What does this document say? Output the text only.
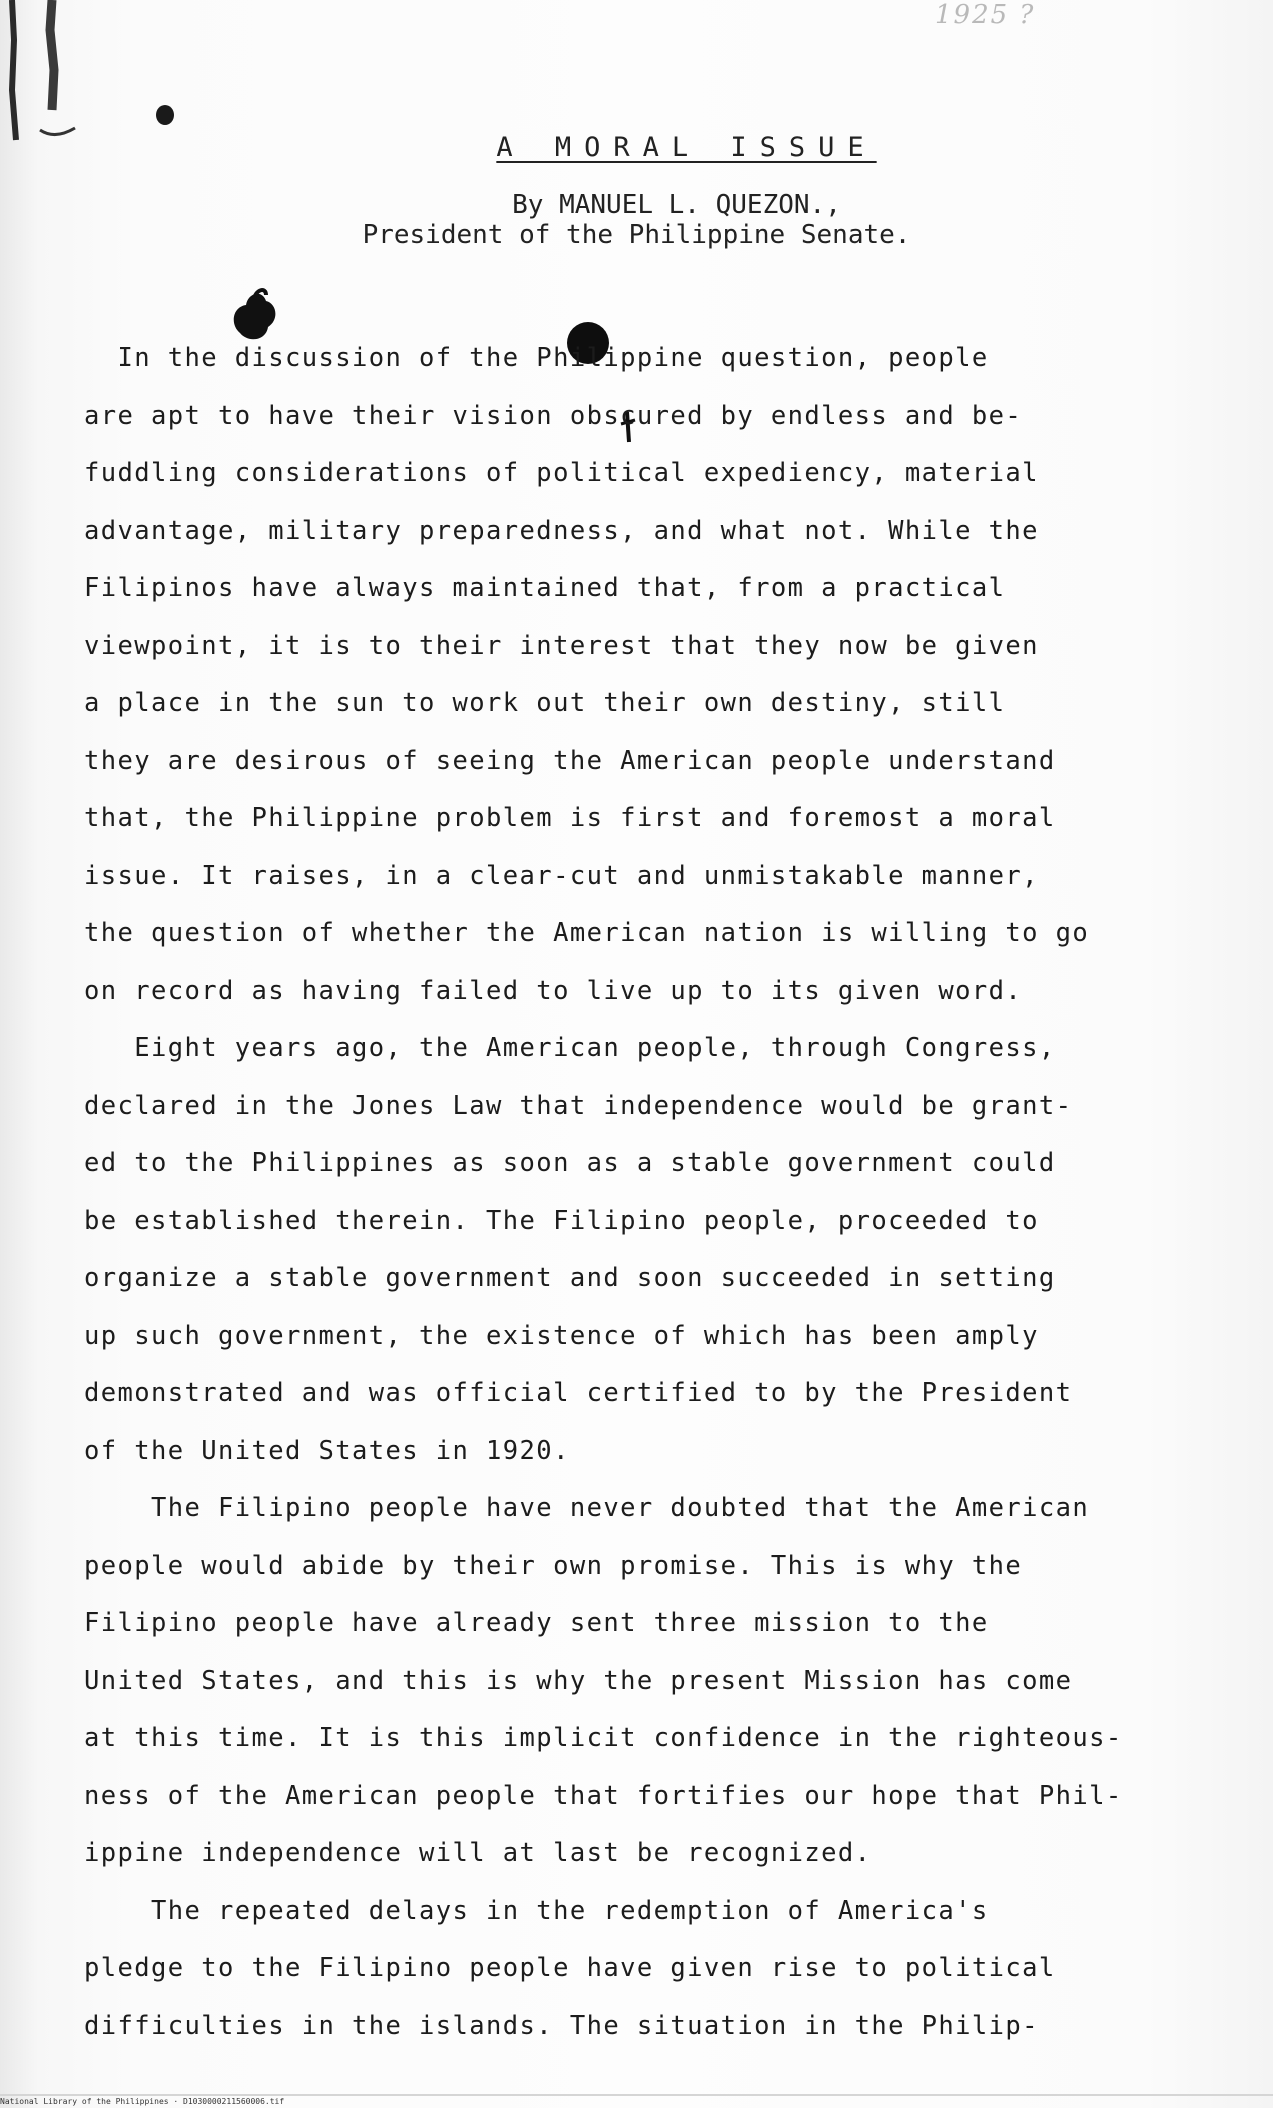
1925 ?
A MORAL ISSUE
By MANUEL L. QUEZON.,
President of the Philippine Senate.
In the discussion of the Philippine question, people
are apt to have their vision obscured by endless and be-
fuddling considerations of political expediency, material
advantage, military preparedness, and what not. While the
Filipinos have always maintained that, from a practical
viewpoint, it is to their interest that they now be given
a place in the sun to work out their own destiny, still
they are desirous of seeing the American people understand
that, the Philippine problem is first and foremost a moral
issue. It raises, in a clear-cut and unmistakable manner,
the question of whether the American nation is willing to go
on record as having failed to live up to its given word.
Eight years ago, the American people, through Congress,
declared in the Jones Law that independence would be grant-
ed to the Philippines as soon as a stable government could
be established therein. The Filipino people, proceeded to
organize a stable government and soon succeeded in setting
up such government, the existence of which has been amply
demonstrated and was official certified to by the President
of the United States in 1920.
The Filipino people have never doubted that the American
people would abide by their own promise. This is why the
Filipino people have already sent three mission to the
United States, and this is why the present Mission has come
at this time. It is this implicit confidence in the righteous-
ness of the American people that fortifies our hope that Phil-
ippine independence will at last be recognized.
The repeated delays in the redemption of America's
pledge to the Filipino people have given rise to political
difficulties in the islands. The situation in the Philip-
National Library of the Philippines · D1030000211560006.tif
